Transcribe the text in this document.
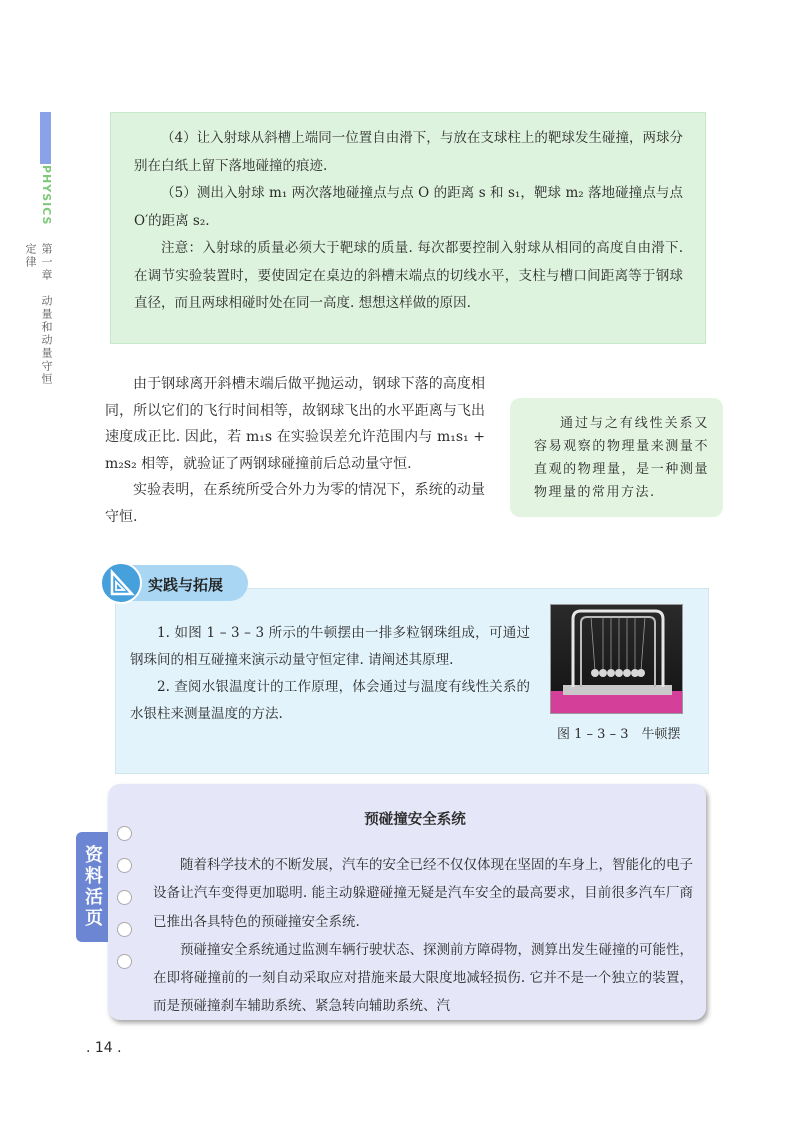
PHYSICS
第一章　动量和动量守恒定律

（4）让入射球从斜槽上端同一位置自由滑下，与放在支球柱上的靶球发生碰撞，两球分别在白纸上留下落地碰撞的痕迹.

（5）测出入射球 m₁ 两次落地碰撞点与点 O 的距离 s 和 s₁，靶球 m₂ 落地碰撞点与点 O′的距离 s₂.

注意：入射球的质量必须大于靶球的质量. 每次都要控制入射球从相同的高度自由滑下. 在调节实验装置时，要使固定在桌边的斜槽末端点的切线水平，支柱与槽口间距离等于钢球直径，而且两球相碰时处在同一高度. 想想这样做的原因.

由于钢球离开斜槽末端后做平抛运动，钢球下落的高度相同，所以它们的飞行时间相等，故钢球飞出的水平距离与飞出速度成正比. 因此，若 m₁s 在实验误差允许范围内与 m₁s₁ + m₂s₂ 相等，就验证了两钢球碰撞前后总动量守恒.

实验表明，在系统所受合外力为零的情况下，系统的动量守恒.

通过与之有线性关系又容易观察的物理量来测量不直观的物理量，是一种测量物理量的常用方法.
实践与拓展

1. 如图 1 – 3 – 3 所示的牛顿摆由一排多粒钢珠组成，可通过钢珠间的相互碰撞来演示动量守恒定律. 请阐述其原理.

2. 查阅水银温度计的工作原理，体会通过与温度有线性关系的水银柱来测量温度的方法.

图 1 – 3 – 3　牛顿摆
资料活页
预碰撞安全系统

随着科学技术的不断发展，汽车的安全已经不仅仅体现在坚固的车身上，智能化的电子设备让汽车变得更加聪明. 能主动躲避碰撞无疑是汽车安全的最高要求，目前很多汽车厂商已推出各具特色的预碰撞安全系统.

预碰撞安全系统通过监测车辆行驶状态、探测前方障碍物，测算出发生碰撞的可能性，在即将碰撞前的一刻自动采取应对措施来最大限度地减轻损伤. 它并不是一个独立的装置，而是预碰撞刹车辅助系统、紧急转向辅助系统、汽

. 14 .
